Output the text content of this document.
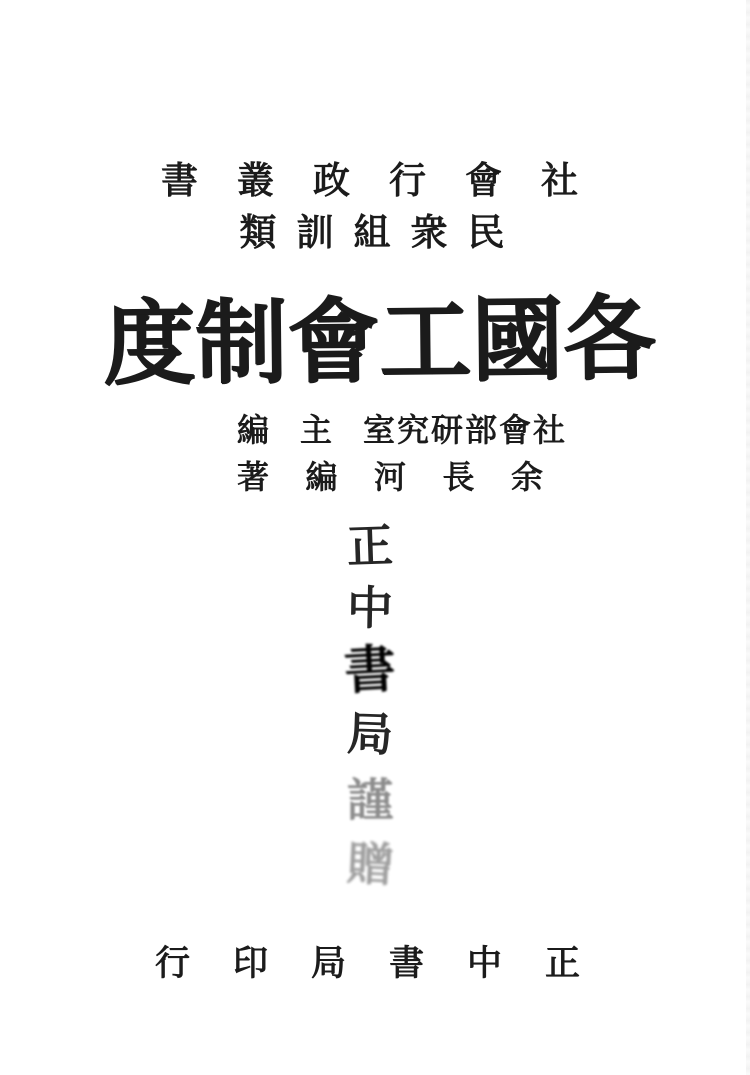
書叢政行會社
類訓組衆民
度制會工國各
編 主 室究研部會社
著 編 河 長 余
正
中
書
局
謹
贈
行印局書中正
